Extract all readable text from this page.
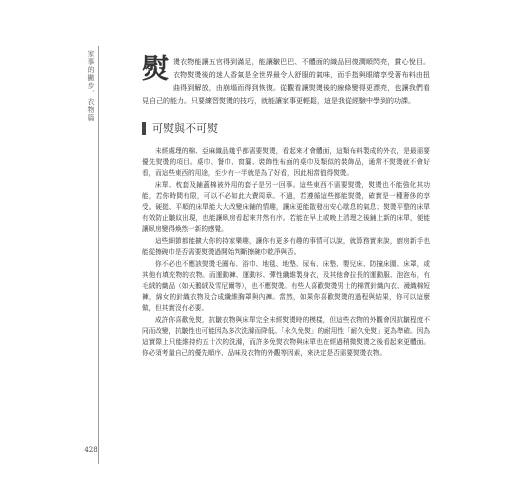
家事的撇步．衣物篇
428
熨 燙衣物能讓五官得到滿足，能讓皺巴巴、不體面的織品回復潤順閃亮，賞心悅目。衣物熨燙後的迷人香氣是全世界最令人舒服的氣味，而手指與眼睛享受著布料由扭曲得到解放，由崩塌而得到恢復。從觀看讓熨燙後的線條變得更漂亮，也讓我們看見自己的能力。只要練習熨燙的技巧，就能讓家事更輕鬆，這是我從經驗中學到的功課。
可熨與不可熨

未經處理的棉、亞麻織品幾乎都需要熨燙，看起來才會體面，這類布料製成的外衣，是最需要優先熨燙的項目。桌巾、餐巾、窗簾、裝飾性布面的桌巾及類似的裝飾品，通常不熨燙就不會好看，而這些東西的用途，至少有一半就是為了好看，因此相當值得熨燙。

床單、枕套及鋪蓋棉被外用的套子是另一回事。這些東西不需要熨燙，熨燙也不能強化其功能，若你時間有限，可以不必如此大費周章。不過，若遵循這些都能熨燙，確實是一種奢侈的享受。硬挺、平順的床單能大大改變床鋪的情趣，讓床更能散發出安心歇息的氣息；熨燙平整的床單有效防止皺紋出現，也能讓臥房看起來井然有序。若能在早上或晚上清理之後鋪上新的床單，便能讓臥房變得煥然一新的感覺。

這些細節都能擴大你的持家樂趣，讓你有更多有趣的事情可以說，就算務實來說，廚房新手也能從擦碗巾是否需要熨燙過開始判斷擦碗巾乾淨與否。

你不必也不應該熨燙毛圈布、浴巾、地毯、地墊、尿布、床墊、嬰兒床、防撞床圍、床罩，或其他有填充物的衣物。而運動褲、運動衫、彈性纖維製身衣，及其他會拉長的運動服、泡泡布，有毛絨的織品（如天鵝絨及雪尼爾等），也不應熨燙。有些人喜歡熨燙男士的棉質針織內衣、襪織棉短褲，綿女的針織衣物及合成纖維胸罩與內褲。當然，如果你喜歡熨燙的過程與結果，你可以這麼做，但其實沒有必要。

成許你喜歡免熨，抗皺衣物與床單完全未經熨燙時的模樣，但這些衣物的外觀會因抗皺程度不同而改變，抗皺性也可能因為多次洗滌而降低。「永久免熨」的耐用性「耐久免熨」更為準確。因為這實際上只能維持約五十次的洗滌，而許多免熨衣物與床單也在經過稍微熨燙之後看起來更體面。你必須考量自己的優先順序、品味及衣物的外觀等因素，來決定是否需要熨燙衣物。
